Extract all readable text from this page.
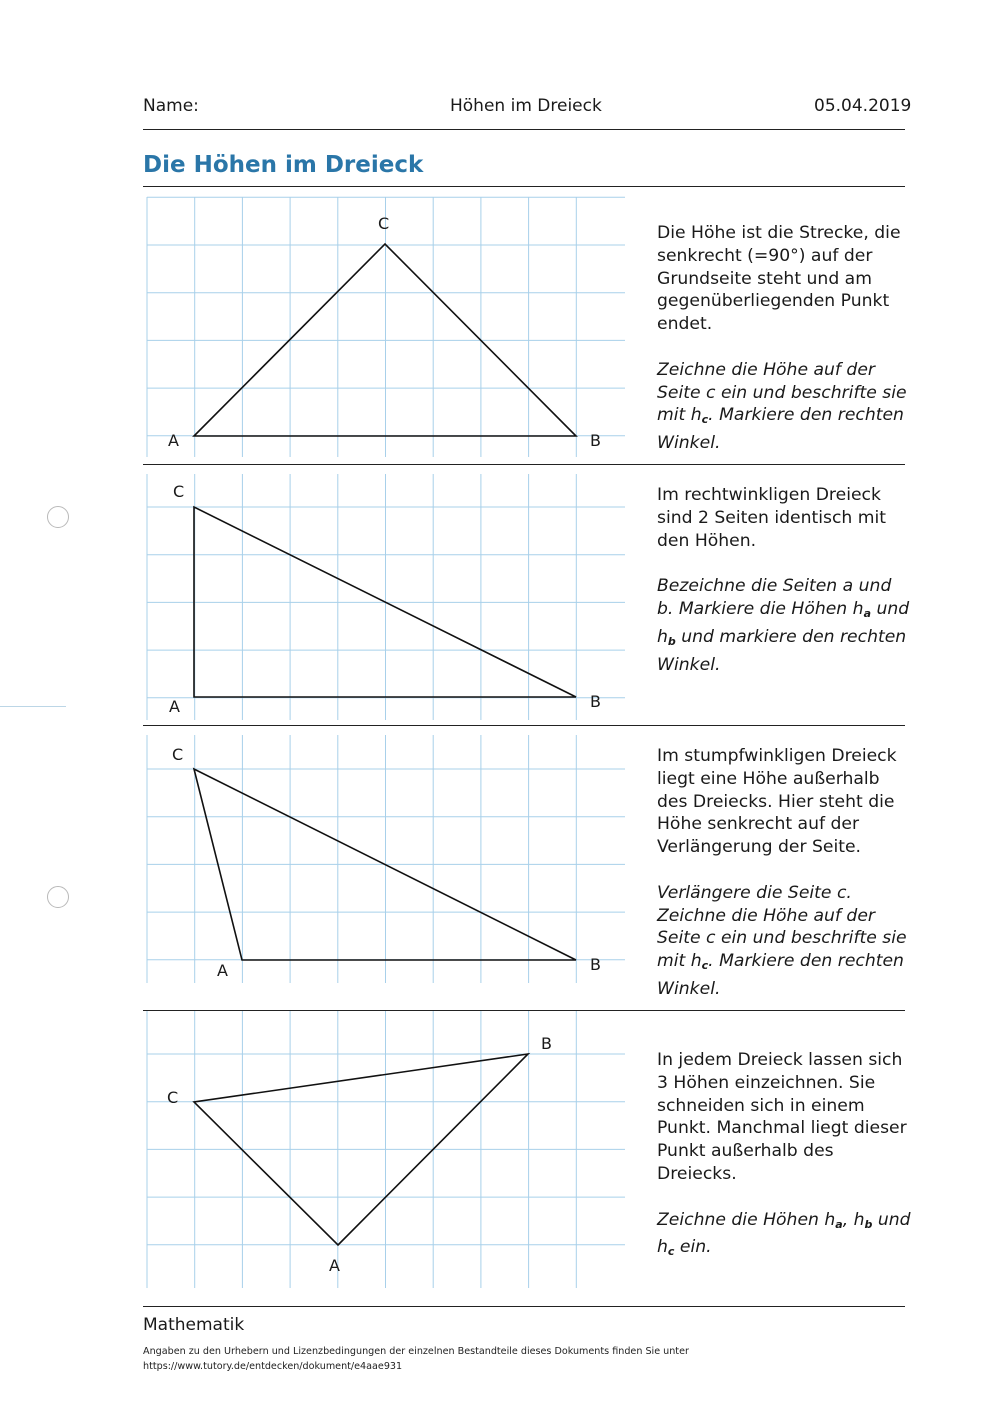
Name:	Höhen im Dreieck	05.04.2019
Die Höhen im Dreieck
A	B
C
A	B
C
A	B
C
A
B
C

Die Höhe ist die Strecke, die senkrecht (=90°) auf der Grundseite steht und am gegenüberliegenden Punkt endet.

Zeichne die Höhe auf der Seite c ein und beschrifte sie mit $h_c$. Markiere den rechten Winkel.

Im rechtwinkligen Dreieck sind 2 Seiten identisch mit den Höhen.

Bezeichne die Seiten a und b. Markiere die Höhen $h_a$ und $h_b$ und markiere den rechten Winkel.

Im stumpfwinkligen Dreieck liegt eine Höhe außerhalb des Dreiecks. Hier steht die Höhe senkrecht auf der Verlängerung der Seite.

Verlängere die Seite c. Zeichne die Höhe auf der Seite c ein und beschrifte sie mit $h_c$. Markiere den rechten Winkel.

In jedem Dreieck lassen sich 3 Höhen einzeichnen. Sie schneiden sich in einem Punkt. Manchmal liegt dieser Punkt außerhalb des Dreiecks.

Zeichne die Höhen $h_a$, $h_b$ und $h_c$ ein.

Mathematik
Angaben zu den Urhebern und Lizenzbedingungen der einzelnen Bestandteile dieses Dokuments finden Sie unter
https://www.tutory.de/entdecken/dokument/e4aae931
